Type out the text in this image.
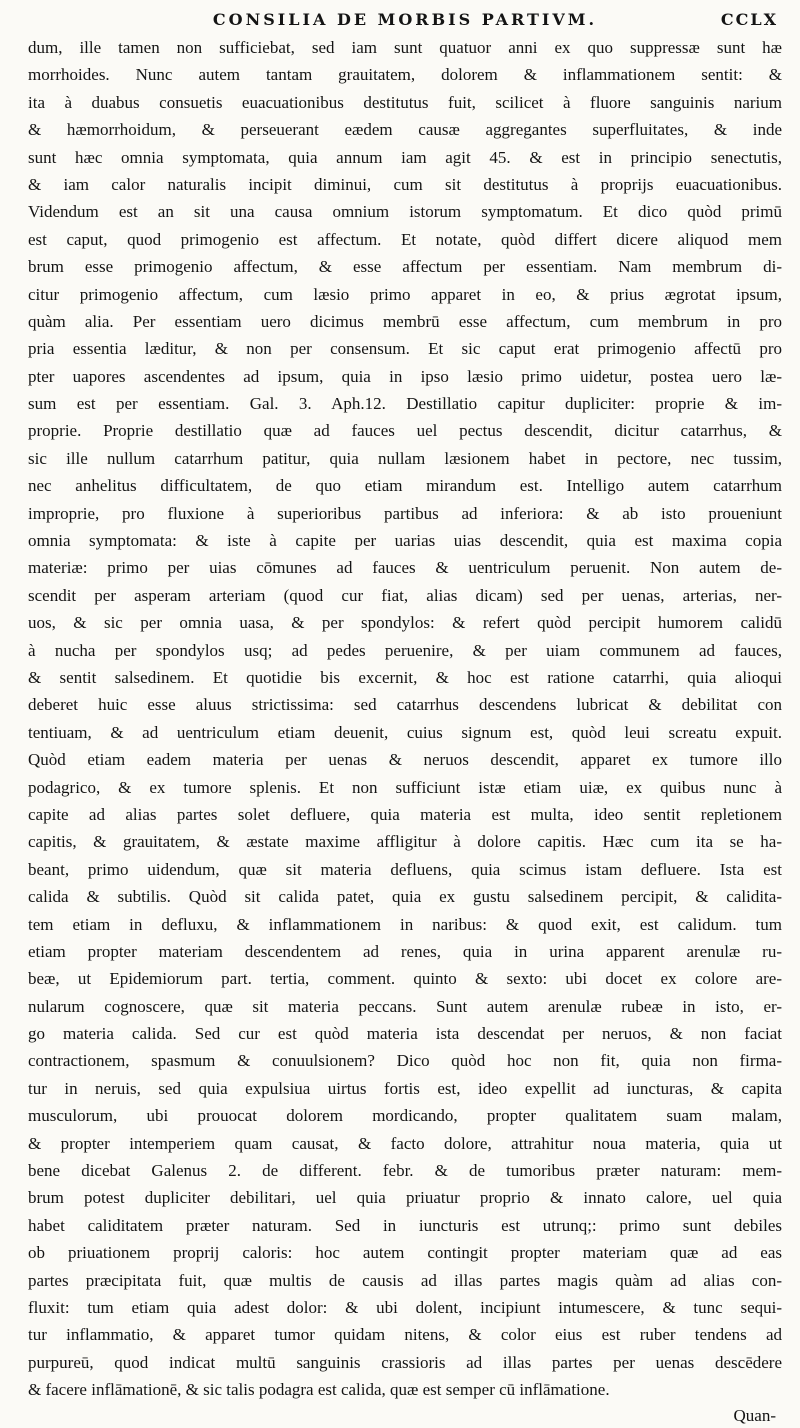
CONSILIA DE MORBIS PARTIVM.	CCLX
dum, ille tamen non sufficiebat, sed iam sunt quatuor anni ex quo suppressæ sunt hæ
morrhoides. Nunc autem tantam grauitatem, dolorem & inflammationem sentit: &
ita à duabus consuetis euacuationibus destitutus fuit, scilicet à fluore sanguinis narium
& hæmorrhoidum, & perseuerant eædem causæ aggregantes superfluitates, & inde
sunt hæc omnia symptomata, quia annum iam agit 45. & est in principio senectutis,
& iam calor naturalis incipit diminui, cum sit destitutus à proprijs euacuationibus.
Videndum est an sit una causa omnium istorum symptomatum. Et dico quòd primū
est caput, quod primogenio est affectum. Et notate, quòd differt dicere aliquod mem
brum esse primogenio affectum, & esse affectum per essentiam. Nam membrum di-
citur primogenio affectum, cum læsio primo apparet in eo, & prius ægrotat ipsum,
quàm alia. Per essentiam uero dicimus membrū esse affectum, cum membrum in pro
pria essentia læditur, & non per consensum. Et sic caput erat primogenio affectū pro
pter uapores ascendentes ad ipsum, quia in ipso læsio primo uidetur, postea uero læ-
sum est per essentiam. Gal. 3. Aph.12. Destillatio capitur dupliciter: proprie & im-
proprie. Proprie destillatio quæ ad fauces uel pectus descendit, dicitur catarrhus, &
sic ille nullum catarrhum patitur, quia nullam læsionem habet in pectore, nec tussim,
nec anhelitus difficultatem, de quo etiam mirandum est. Intelligo autem catarrhum
improprie, pro fluxione à superioribus partibus ad inferiora: & ab isto proueniunt
omnia symptomata: & iste à capite per uarias uias descendit, quia est maxima copia
materiæ: primo per uias cōmunes ad fauces & uentriculum peruenit. Non autem de-
scendit per asperam arteriam (quod cur fiat, alias dicam) sed per uenas, arterias, ner-
uos, & sic per omnia uasa, & per spondylos: & refert quòd percipit humorem calidū
à nucha per spondylos usq; ad pedes peruenire, & per uiam communem ad fauces,
& sentit salsedinem. Et quotidie bis excernit, & hoc est ratione catarrhi, quia alioqui
deberet huic esse aluus strictissima: sed catarrhus descendens lubricat & debilitat con
tentiuam, & ad uentriculum etiam deuenit, cuius signum est, quòd leui screatu expuit.
Quòd etiam eadem materia per uenas & neruos descendit, apparet ex tumore illo
podagrico, & ex tumore splenis. Et non sufficiunt istæ etiam uiæ, ex quibus nunc à
capite ad alias partes solet defluere, quia materia est multa, ideo sentit repletionem
capitis, & grauitatem, & æstate maxime affligitur à dolore capitis. Hæc cum ita se ha-
beant, primo uidendum, quæ sit materia defluens, quia scimus istam defluere. Ista est
calida & subtilis. Quòd sit calida patet, quia ex gustu salsedinem percipit, & calidita-
tem etiam in defluxu, & inflammationem in naribus: & quod exit, est calidum. tum
etiam propter materiam descendentem ad renes, quia in urina apparent arenulæ ru-
beæ, ut Epidemiorum part. tertia, comment. quinto & sexto: ubi docet ex colore are-
nularum cognoscere, quæ sit materia peccans. Sunt autem arenulæ rubeæ in isto, er-
go materia calida. Sed cur est quòd materia ista descendat per neruos, & non faciat
contractionem, spasmum & conuulsionem? Dico quòd hoc non fit, quia non firma-
tur in neruis, sed quia expulsiua uirtus fortis est, ideo expellit ad iuncturas, & capita
musculorum, ubi prouocat dolorem mordicando, propter qualitatem suam malam,
& propter intemperiem quam causat, & facto dolore, attrahitur noua materia, quia ut
bene dicebat Galenus 2. de different. febr. & de tumoribus præter naturam: mem-
brum potest dupliciter debilitari, uel quia priuatur proprio & innato calore, uel quia
habet caliditatem præter naturam. Sed in iuncturis est utrunq;: primo sunt debiles
ob priuationem proprij caloris: hoc autem contingit propter materiam quæ ad eas
partes præcipitata fuit, quæ multis de causis ad illas partes magis quàm ad alias con-
fluxit: tum etiam quia adest dolor: & ubi dolent, incipiunt intumescere, & tunc sequi-
tur inflammatio, & apparet tumor quidam nitens, & color eius est ruber tendens ad
purpureū, quod indicat multū sanguinis crassioris ad illas partes per uenas descēdere
& facere inflāmationē, & sic talis podagra est calida, quæ est semper cū inflāmatione.
Quan-
